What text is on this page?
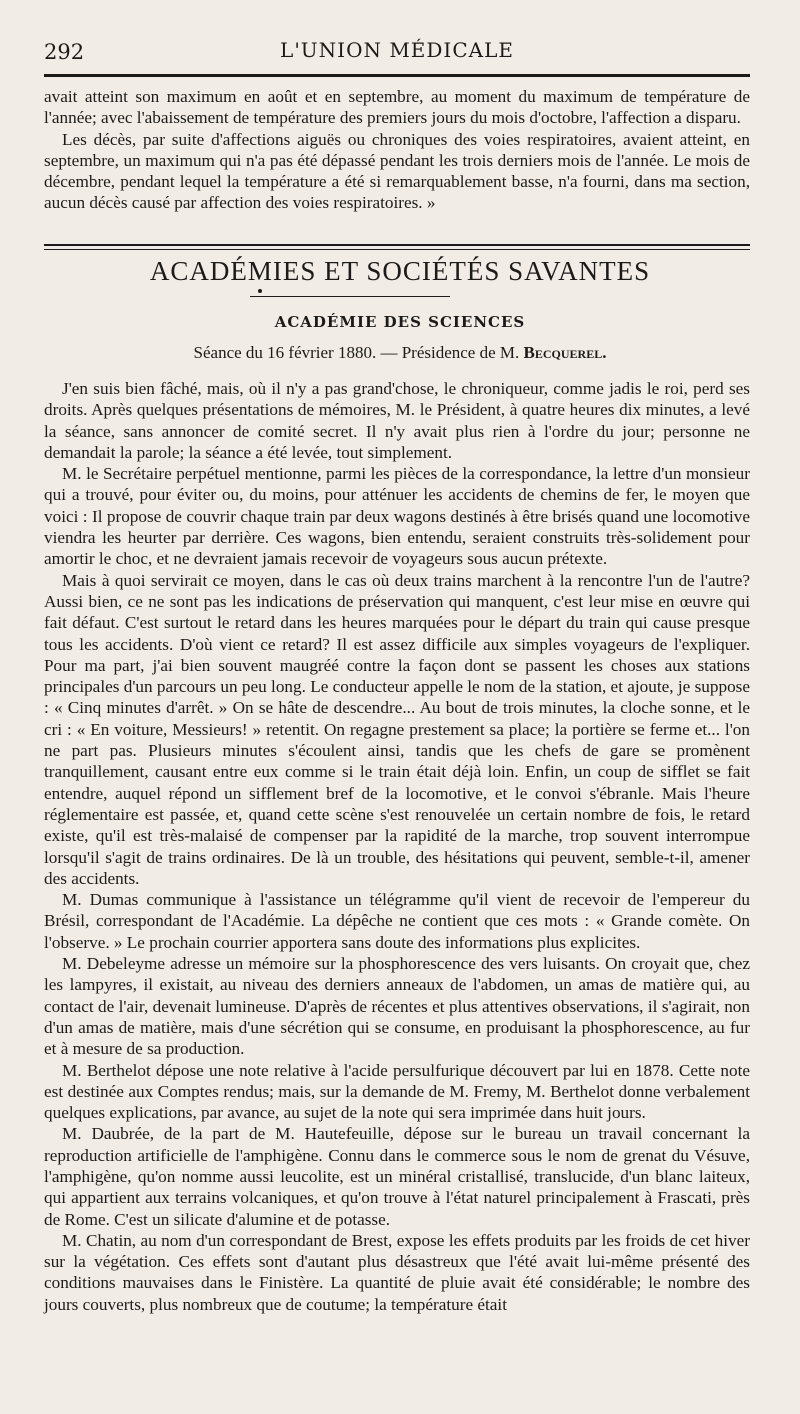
292	L'UNION MÉDICALE

avait atteint son maximum en août et en septembre, au moment du maximum de température de l'année; avec l'abaissement de température des premiers jours du mois d'octobre, l'affection a disparu.

Les décès, par suite d'affections aiguës ou chroniques des voies respiratoires, avaient atteint, en septembre, un maximum qui n'a pas été dépassé pendant les trois derniers mois de l'année. Le mois de décembre, pendant lequel la température a été si remarquablement basse, n'a fourni, dans ma section, aucun décès causé par affection des voies respiratoires. »

ACADÉMIES ET SOCIÉTÉS SAVANTES
ACADÉMIE DES SCIENCES
Séance du 16 février 1880. — Présidence de M. Becquerel.

J'en suis bien fâché, mais, où il n'y a pas grand'chose, le chroniqueur, comme jadis le roi, perd ses droits. Après quelques présentations de mémoires, M. le Président, à quatre heures dix minutes, a levé la séance, sans annoncer de comité secret. Il n'y avait plus rien à l'ordre du jour; personne ne demandait la parole; la séance a été levée, tout simplement.

M. le Secrétaire perpétuel mentionne, parmi les pièces de la correspondance, la lettre d'un monsieur qui a trouvé, pour éviter ou, du moins, pour atténuer les accidents de chemins de fer, le moyen que voici : Il propose de couvrir chaque train par deux wagons destinés à être brisés quand une locomotive viendra les heurter par derrière. Ces wagons, bien entendu, seraient construits très-solidement pour amortir le choc, et ne devraient jamais recevoir de voyageurs sous aucun prétexte.

Mais à quoi servirait ce moyen, dans le cas où deux trains marchent à la rencontre l'un de l'autre? Aussi bien, ce ne sont pas les indications de préservation qui manquent, c'est leur mise en œuvre qui fait défaut. C'est surtout le retard dans les heures marquées pour le départ du train qui cause presque tous les accidents. D'où vient ce retard? Il est assez difficile aux simples voyageurs de l'expliquer. Pour ma part, j'ai bien souvent maugréé contre la façon dont se passent les choses aux stations principales d'un parcours un peu long. Le conducteur appelle le nom de la station, et ajoute, je suppose : « Cinq minutes d'arrêt. » On se hâte de descendre... Au bout de trois minutes, la cloche sonne, et le cri : « En voiture, Messieurs! » retentit. On regagne prestement sa place; la portière se ferme et... l'on ne part pas. Plusieurs minutes s'écoulent ainsi, tandis que les chefs de gare se promènent tranquillement, causant entre eux comme si le train était déjà loin. Enfin, un coup de sifflet se fait entendre, auquel répond un sifflement bref de la locomotive, et le convoi s'ébranle. Mais l'heure réglementaire est passée, et, quand cette scène s'est renouvelée un certain nombre de fois, le retard existe, qu'il est très-malaisé de compenser par la rapidité de la marche, trop souvent interrompue lorsqu'il s'agit de trains ordinaires. De là un trouble, des hésitations qui peuvent, semble-t-il, amener des accidents.

M. Dumas communique à l'assistance un télégramme qu'il vient de recevoir de l'empereur du Brésil, correspondant de l'Académie. La dépêche ne contient que ces mots : « Grande comète. On l'observe. » Le prochain courrier apportera sans doute des informations plus explicites.

M. Debeleyme adresse un mémoire sur la phosphorescence des vers luisants. On croyait que, chez les lampyres, il existait, au niveau des derniers anneaux de l'abdomen, un amas de matière qui, au contact de l'air, devenait lumineuse. D'après de récentes et plus attentives observations, il s'agirait, non d'un amas de matière, mais d'une sécrétion qui se consume, en produisant la phosphorescence, au fur et à mesure de sa production.

M. Berthelot dépose une note relative à l'acide persulfurique découvert par lui en 1878. Cette note est destinée aux Comptes rendus; mais, sur la demande de M. Fremy, M. Berthelot donne verbalement quelques explications, par avance, au sujet de la note qui sera imprimée dans huit jours.

M. Daubrée, de la part de M. Hautefeuille, dépose sur le bureau un travail concernant la reproduction artificielle de l'amphigène. Connu dans le commerce sous le nom de grenat du Vésuve, l'amphigène, qu'on nomme aussi leucolite, est un minéral cristallisé, translucide, d'un blanc laiteux, qui appartient aux terrains volcaniques, et qu'on trouve à l'état naturel principalement à Frascati, près de Rome. C'est un silicate d'alumine et de potasse.

M. Chatin, au nom d'un correspondant de Brest, expose les effets produits par les froids de cet hiver sur la végétation. Ces effets sont d'autant plus désastreux que l'été avait lui-même présenté des conditions mauvaises dans le Finistère. La quantité de pluie avait été considérable; le nombre des jours couverts, plus nombreux que de coutume; la température était
